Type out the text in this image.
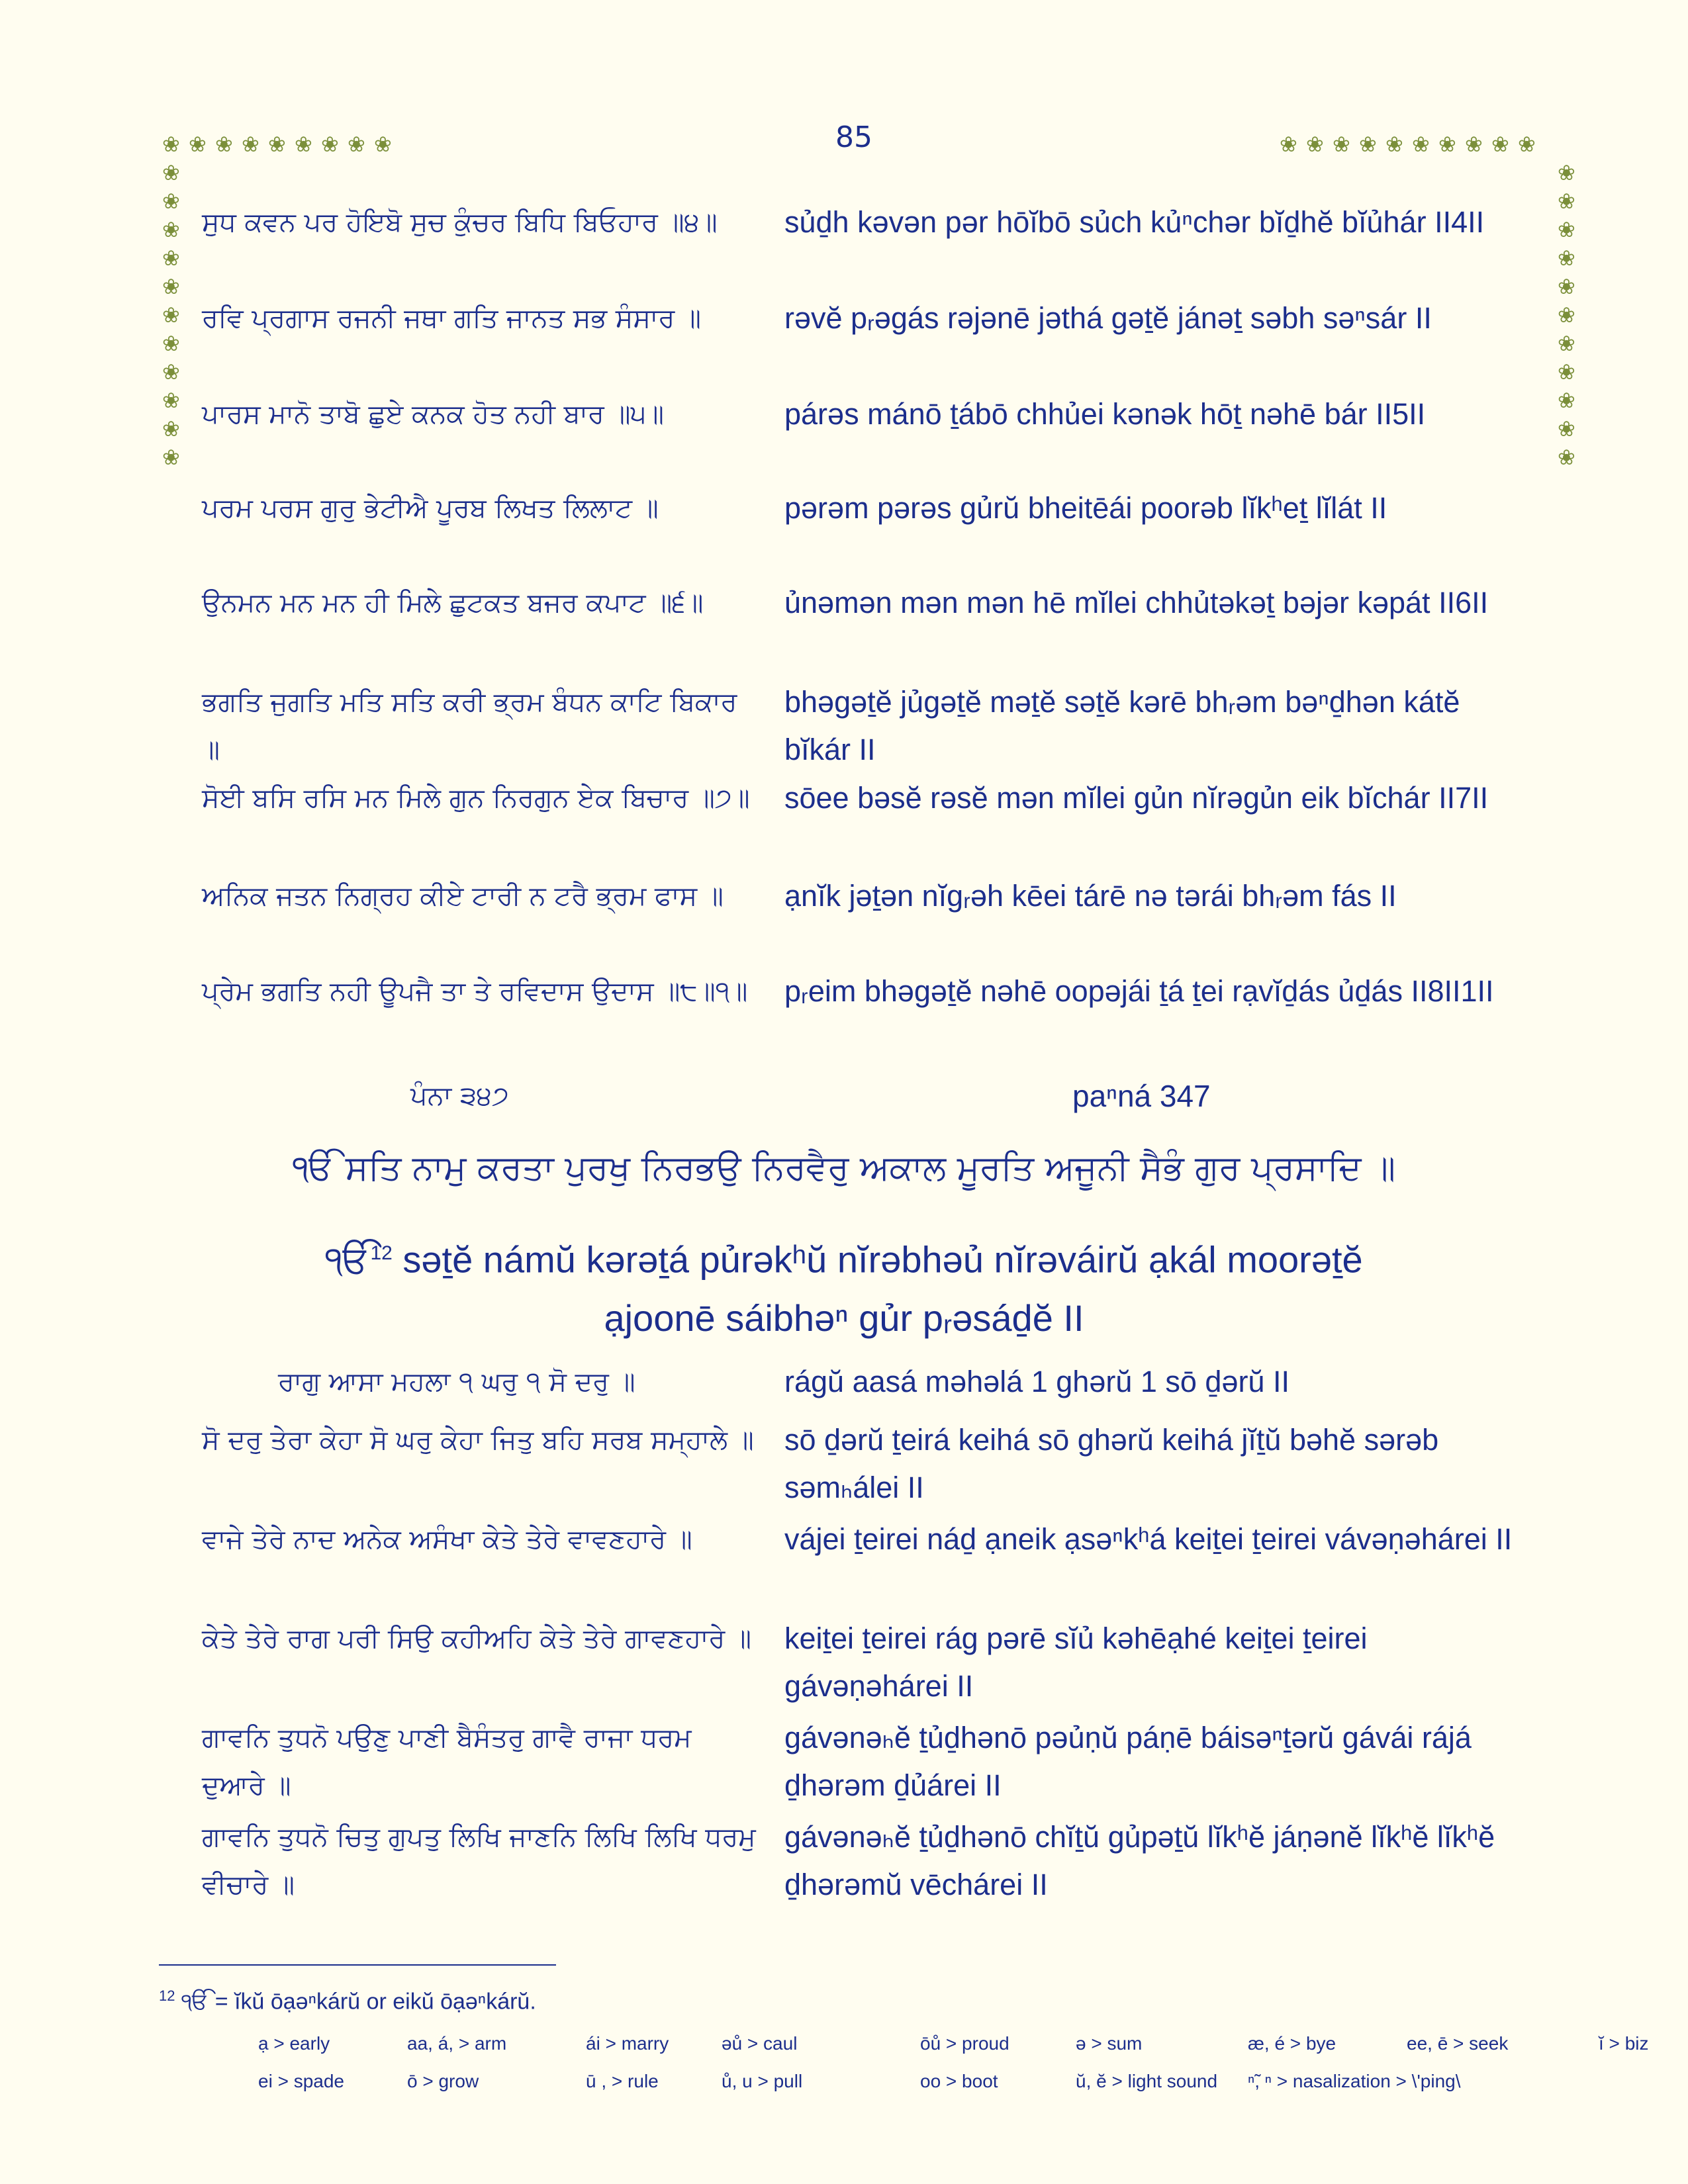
❀ ❀ ❀ ❀ ❀ ❀ ❀ ❀ ❀	❀ ❀ ❀ ❀ ❀ ❀ ❀ ❀ ❀ ❀
❀
❀
❀
❀
❀
❀
❀
❀
❀
❀
❀
❀
❀
❀
❀
❀
❀
❀
❀
❀
❀
❀
85
ਸੁਧ ਕਵਨ ਪਰ ਹੋਇਬੋ ਸੁਚ ਕੁੰਚਰ ਬਿਧਿ ਬਿਓਹਾਰ ॥੪॥	sủḏh kəvən pər hōĭbō sủch kủⁿchər bĭḏhĕ bĭủhár II4II
ਰਵਿ ਪ੍ਰਗਾਸ ਰਜਨੀ ਜਥਾ ਗਤਿ ਜਾਨਤ ਸਭ ਸੰਸਾਰ ॥	rəvĕ pᵣəgás rəjənē jəthá gəṯĕ jánəṯ səbh səⁿsár II
ਪਾਰਸ ਮਾਨੋ ਤਾਬੋ ਛੁਏ ਕਨਕ ਹੋਤ ਨਹੀ ਬਾਰ ॥੫॥	párəs mánō ṯábō chhủei kənək hōṯ nəhē bár II5II
ਪਰਮ ਪਰਸ ਗੁਰੁ ਭੇਟੀਐ ਪੂਰਬ ਲਿਖਤ ਲਿਲਾਟ ॥	pərəm pərəs gủrŭ bheitēái poorəb lĭkʰeṯ lĭlát II
ਉਨਮਨ ਮਨ ਮਨ ਹੀ ਮਿਲੇ ਛੁਟਕਤ ਬਜਰ ਕਪਾਟ ॥੬॥	ủnəmən mən mən hē mĭlei chhủtəkəṯ bəjər kəpát II6II
ਭਗਤਿ ਜੁਗਤਿ ਮਤਿ ਸਤਿ ਕਰੀ ਭ੍ਰਮ ਬੰਧਨ ਕਾਟਿ ਬਿਕਾਰ ॥
bhəgəṯĕ jủgəṯĕ məṯĕ səṯĕ kərē bhᵣəm bəⁿḏhən kátĕ bĭkár II
ਸੋਈ ਬਸਿ ਰਸਿ ਮਨ ਮਿਲੇ ਗੁਨ ਨਿਰਗੁਨ ਏਕ ਬਿਚਾਰ ॥੭॥ sōee bəsĕ rəsĕ mən mĭlei gủn nĭrəgủn eik bĭchár II7II
ਅਨਿਕ ਜਤਨ ਨਿਗ੍ਰਹ ਕੀਏ ਟਾਰੀ ਨ ਟਰੈ ਭ੍ਰਮ ਫਾਸ ॥	ạnĭk jəṯən nĭgᵣəh kēei tárē nə tərái bhᵣəm fás II
ਪ੍ਰੇਮ ਭਗਤਿ ਨਹੀ ਊਪਜੈ ਤਾ ਤੇ ਰਵਿਦਾਸ ਉਦਾਸ ॥੮॥੧॥	pᵣeim bhəgəṯĕ nəhē oopəjái ṯá ṯei rạvĭḏás ủḏás II8II1II
ਪੰਨਾ ੩੪੭	paⁿná 347
ੴ ਸਤਿ ਨਾਮੁ ਕਰਤਾ ਪੁਰਖੁ ਨਿਰਭਉ ਨਿਰਵੈਰੁ ਅਕਾਲ ਮੂਰਤਿ ਅਜੂਨੀ ਸੈਭੰ ਗੁਰ ਪ੍ਰਸਾਦਿ ॥
ੴ$^{12}$ səṯĕ námŭ kərəṯá pủrəkʰŭ nĭrəbhəủ nĭrəváirŭ ạkál moorəṯĕ
ạjoonē sáibhəⁿ gủr pᵣəsáḏĕ II
ਰਾਗੁ ਆਸਾ ਮਹਲਾ ੧ ਘਰੁ ੧ ਸੋ ਦਰੁ ॥	rágŭ aasá məhəlá 1 ghərŭ 1 sō ḏərŭ II
ਸੋ ਦਰੁ ਤੇਰਾ ਕੇਹਾ ਸੋ ਘਰੁ ਕੇਹਾ ਜਿਤੁ ਬਹਿ ਸਰਬ ਸਮ੍ਹਾਲੇ ॥ sō ḏərŭ ṯeirá keihá sō ghərŭ keihá jĭṯŭ bəhĕ sərəb səmₕálei II
ਵਾਜੇ ਤੇਰੇ ਨਾਦ ਅਨੇਕ ਅਸੰਖਾ ਕੇਤੇ ਤੇਰੇ ਵਾਵਣਹਾਰੇ ॥	vájei ṯeirei náḏ ạneik ạsəⁿkʰá keiṯei ṯeirei vávəṇəhárei II
ਕੇਤੇ ਤੇਰੇ ਰਾਗ ਪਰੀ ਸਿਉ ਕਹੀਅਹਿ ਕੇਤੇ ਤੇਰੇ ਗਾਵਣਹਾਰੇ ॥ keiṯei ṯeirei rág pərē sĭủ kəhēạhé keiṯei ṯeirei gávəṇəhárei II
ਗਾਵਨਿ ਤੁਧਨੋ ਪਉਣੁ ਪਾਣੀ ਬੈਸੰਤਰੁ ਗਾਵੈ ਰਾਜਾ ਧਰਮ ਦੁਆਰੇ ॥
gávənəₕĕ ṯủḏhənō pəủṇŭ páṇē báisəⁿṯərŭ gávái rájá ḏhərəm ḏủárei II
ਗਾਵਨਿ ਤੁਧਨੋ ਚਿਤੁ ਗੁਪਤੁ ਲਿਖਿ ਜਾਣਨਿ ਲਿਖਿ ਲਿਖਿ ਧਰਮੁ ਵੀਚਾਰੇ ॥
gávənəₕĕ ṯủḏhənō chĭṯŭ gủpəṯŭ lĭkʰĕ jáṇənĕ lĭkʰĕ lĭkʰĕ ḏhərəmŭ vēchárei II
$^{12}$ ੴ = ĭkŭ ōạəⁿkárŭ or eikŭ ōạəⁿkárŭ.
ạ > early	aa, á, > arm	ái > marry	əů > caul	ōů > proud	ə > sum	æ, é > bye	ee, ē > seek	ĭ > biz
ei > spade	ō > grow	ū , > rule	ů, u > pull	oo > boot	ŭ, ĕ > light sound ⁿ̃, ⁿ > nasalization > \'ping\
